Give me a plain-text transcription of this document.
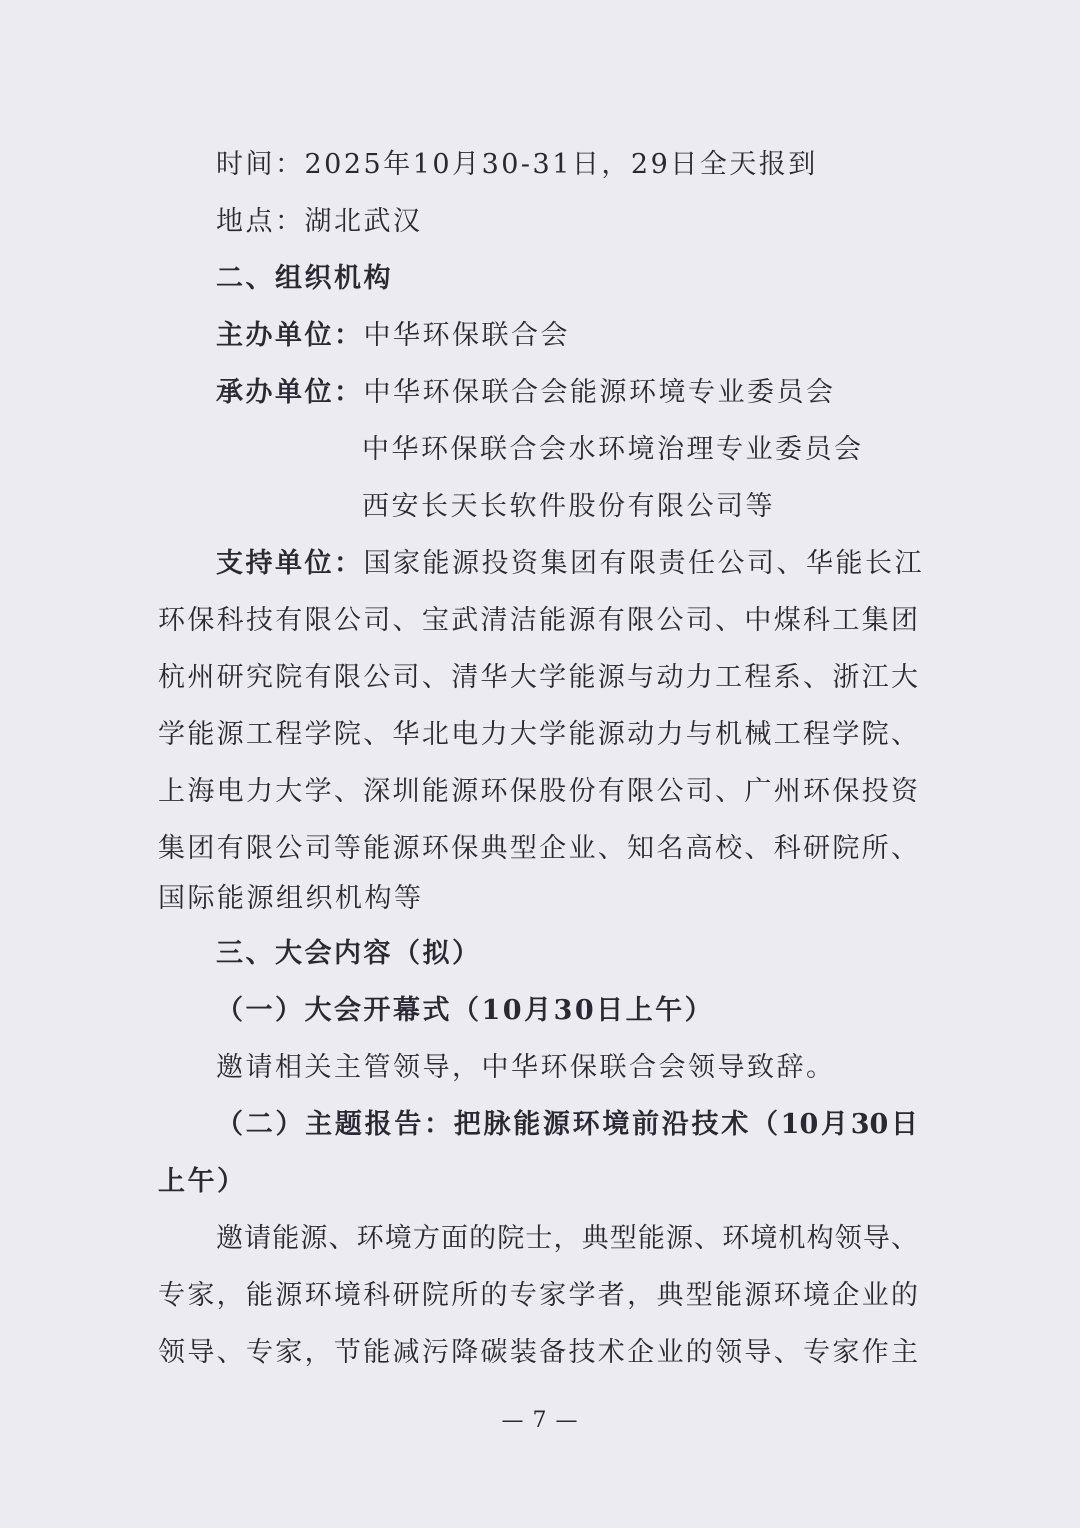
时间：2025年10月30-31日，29日全天报到
地点：湖北武汉
二、组织机构
主办单位：中华环保联合会
承办单位：中华环保联合会能源环境专业委员会
中华环保联合会水环境治理专业委员会
西安长天长软件股份有限公司等
支持单位：国家能源投资集团有限责任公司、华能长江
环保科技有限公司、宝武清洁能源有限公司、中煤科工集团
杭州研究院有限公司、清华大学能源与动力工程系、浙江大
学能源工程学院、华北电力大学能源动力与机械工程学院、
上海电力大学、深圳能源环保股份有限公司、广州环保投资
集团有限公司等能源环保典型企业、知名高校、科研院所、
国际能源组织机构等
三、大会内容（拟）
（一）大会开幕式（10月30日上午）
邀请相关主管领导，中华环保联合会领导致辞。
（二）主题报告：把脉能源环境前沿技术（10月30日
上午）
邀请能源、环境方面的院士，典型能源、环境机构领导、
专家，能源环境科研院所的专家学者，典型能源环境企业的
领导、专家，节能减污降碳装备技术企业的领导、专家作主
— 7 —
